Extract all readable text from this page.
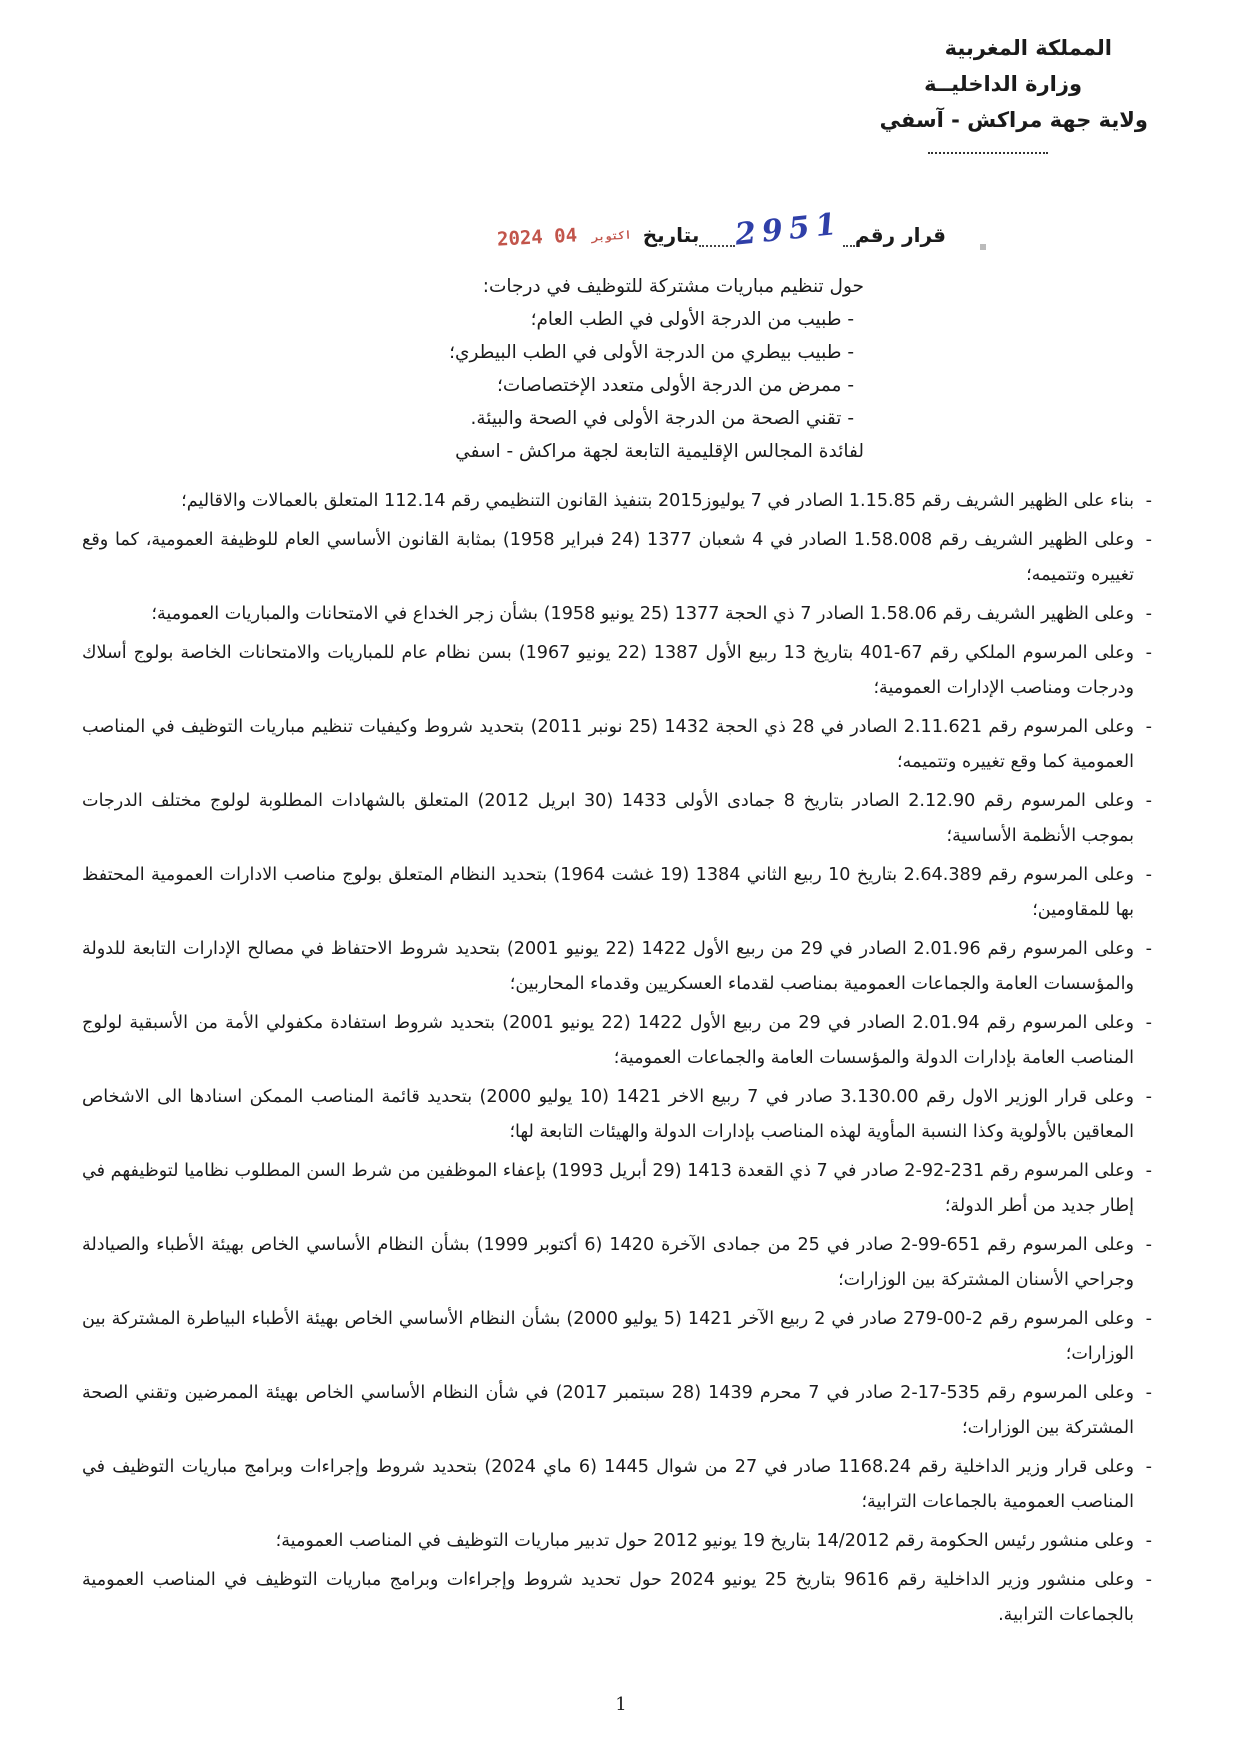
المملكة المغربية
وزارة الداخليــة
ولاية جهة مراكش - آسفي
قرار رقم
2951
بتاريخ
2024	اكتوبر 04
حول تنظيم مباريات مشتركة للتوظيف في درجات:
- طبيب من الدرجة الأولى في الطب العام؛
- طبيب بيطري من الدرجة الأولى في الطب البيطري؛
- ممرض من الدرجة الأولى متعدد الإختصاصات؛
- تقني الصحة من الدرجة الأولى في الصحة والبيئة.
لفائدة المجالس الإقليمية التابعة لجهة مراكش - اسفي
- بناء على الظهير الشريف رقم 1.15.85 الصادر في 7 يوليوز2015 بتنفيذ القانون التنظيمي رقم 112.14 المتعلق بالعمالات والاقاليم؛
- وعلى الظهير الشريف رقم 1.58.008 الصادر في 4 شعبان 1377 (24 فبراير 1958) بمثابة القانون الأساسي العام للوظيفة العمومية، كما وقع تغييره وتتميمه؛
- وعلى الظهير الشريف رقم 1.58.06 الصادر 7 ذي الحجة 1377 (25 يونيو 1958) بشأن زجر الخداع في الامتحانات والمباريات العمومية؛
- وعلى المرسوم الملكي رقم 67-401 بتاريخ 13 ربيع الأول 1387 (22 يونيو 1967) بسن نظام عام للمباريات والامتحانات الخاصة بولوج أسلاك ودرجات ومناصب الإدارات العمومية؛
- وعلى المرسوم رقم 2.11.621 الصادر في 28 ذي الحجة 1432 (25 نونبر 2011) بتحديد شروط وكيفيات تنظيم مباريات التوظيف في المناصب العمومية كما وقع تغييره وتتميمه؛
- وعلى المرسوم رقم 2.12.90 الصادر بتاريخ 8 جمادى الأولى 1433 (30 ابريل 2012) المتعلق بالشهادات المطلوبة لولوج مختلف الدرجات بموجب الأنظمة الأساسية؛
- وعلى المرسوم رقم 2.64.389 بتاريخ 10 ربيع الثاني 1384 (19 غشت 1964) بتحديد النظام المتعلق بولوج مناصب الادارات العمومية المحتفظ بها للمقاومين؛
- وعلى المرسوم رقم 2.01.96 الصادر في 29 من ربيع الأول 1422 (22 يونيو 2001) بتحديد شروط الاحتفاظ في مصالح الإدارات التابعة للدولة والمؤسسات العامة والجماعات العمومية بمناصب لقدماء العسكريين وقدماء المحاربين؛
- وعلى المرسوم رقم 2.01.94 الصادر في 29 من ربيع الأول 1422 (22 يونيو 2001) بتحديد شروط استفادة مكفولي الأمة من الأسبقية لولوج المناصب العامة بإدارات الدولة والمؤسسات العامة والجماعات العمومية؛
- وعلى قرار الوزير الاول رقم 3.130.00 صادر في 7 ربيع الاخر 1421 (10 يوليو 2000) بتحديد قائمة المناصب الممكن اسنادها الى الاشخاص المعاقين بالأولوية وكذا النسبة المأوية لهذه المناصب بإدارات الدولة والهيئات التابعة لها؛
- وعلى المرسوم رقم 231-92-2 صادر في 7 ذي القعدة 1413 (29 أبريل 1993) بإعفاء الموظفين من شرط السن المطلوب نظاميا لتوظيفهم في إطار جديد من أطر الدولة؛
- وعلى المرسوم رقم 651-99-2 صادر في 25 من جمادى الآخرة 1420 (6 أكتوبر 1999) بشأن النظام الأساسي الخاص بهيئة الأطباء والصيادلة وجراحي الأسنان المشتركة بين الوزارات؛
- وعلى المرسوم رقم 2-00-279 صادر في 2 ربيع الآخر 1421 (5 يوليو 2000) بشأن النظام الأساسي الخاص بهيئة الأطباء البياطرة المشتركة بين الوزارات؛
- وعلى المرسوم رقم 535-17-2 صادر في 7 محرم 1439 (28 سبتمبر 2017) في شأن النظام الأساسي الخاص بهيئة الممرضين وتقني الصحة المشتركة بين الوزارات؛
- وعلى قرار وزير الداخلية رقم 1168.24 صادر في 27 من شوال 1445 (6 ماي 2024) بتحديد شروط وإجراءات وبرامج مباريات التوظيف في المناصب العمومية بالجماعات الترابية؛
- وعلى منشور رئيس الحكومة رقم 14/2012 بتاريخ 19 يونيو 2012 حول تدبير مباريات التوظيف في المناصب العمومية؛
- وعلى منشور وزير الداخلية رقم 9616 بتاريخ 25 يونيو 2024 حول تحديد شروط وإجراءات وبرامج مباريات التوظيف في المناصب العمومية بالجماعات الترابية.
1
